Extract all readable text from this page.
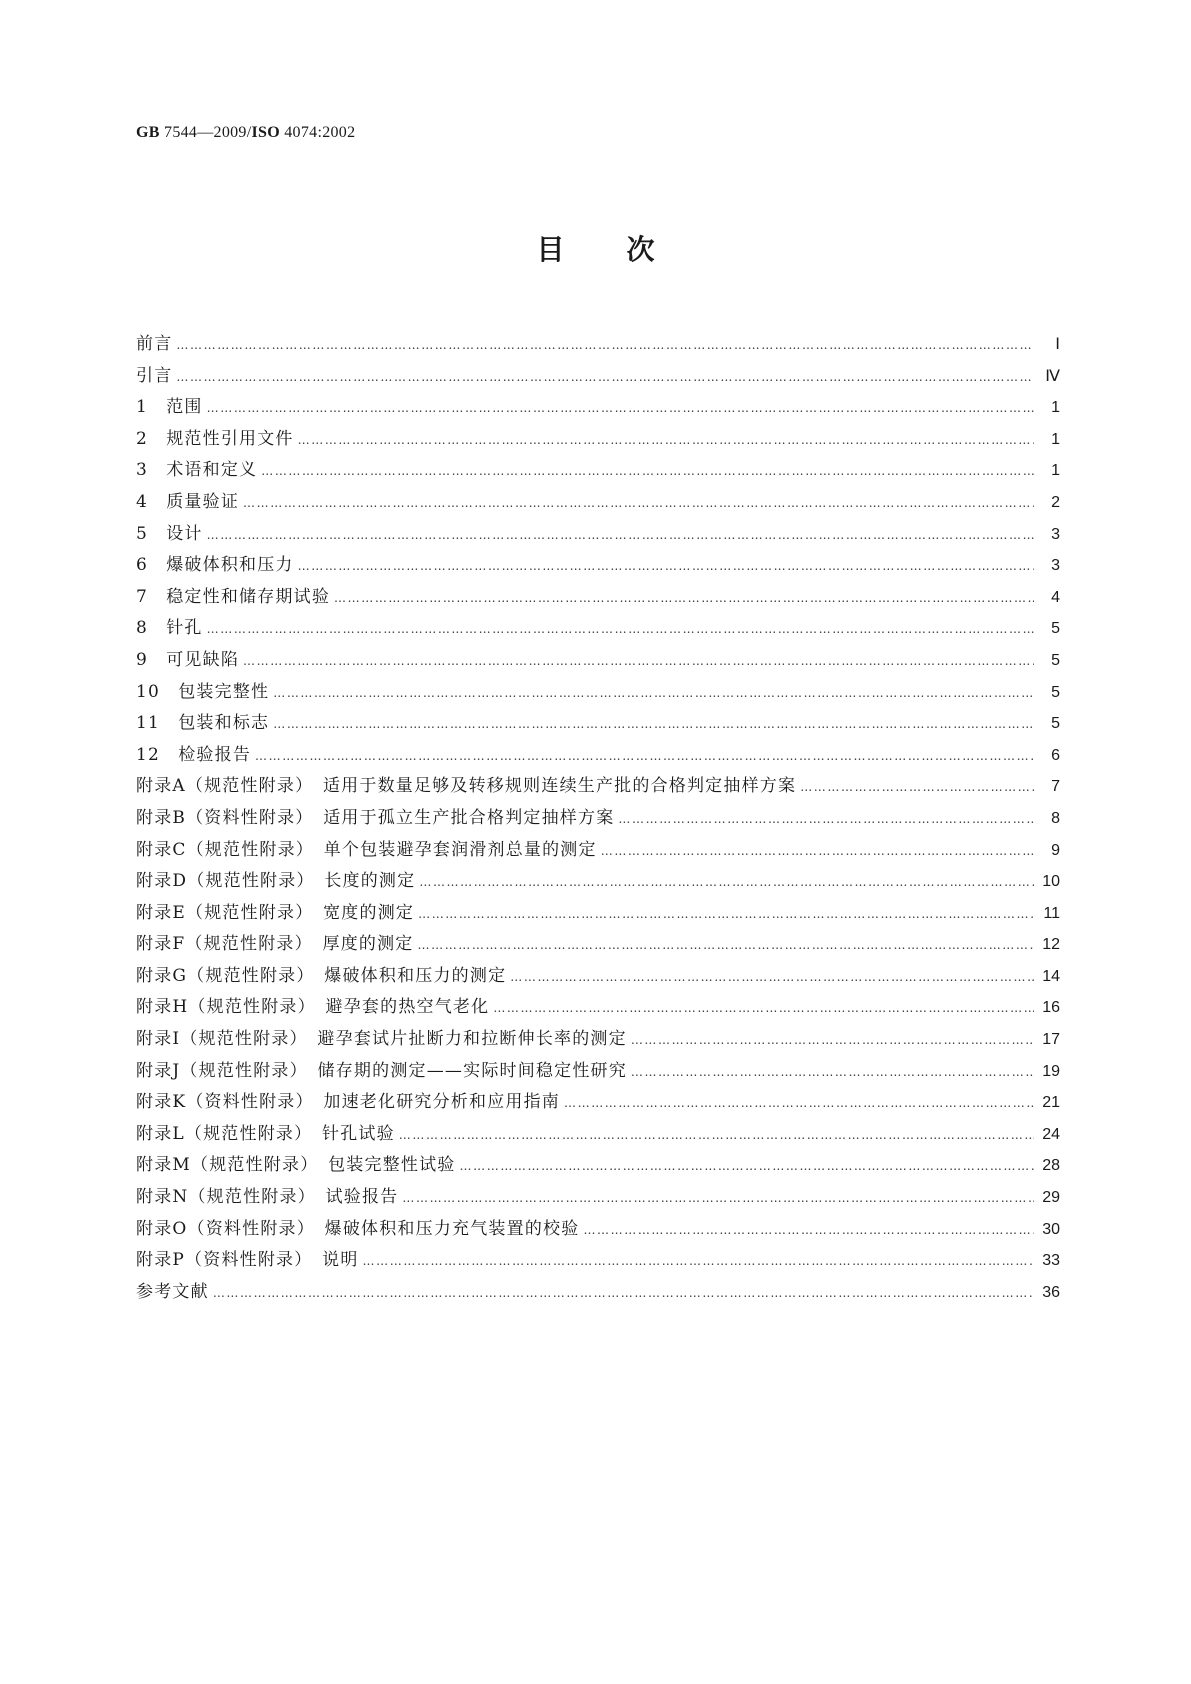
GB 7544—2009/ISO 4074:2002
目次
前言 …………………………………………………………………………………………………………………………………………………………………………………………………………………………	Ⅰ
引言 …………………………………………………………………………………………………………………………………………………………………………………………………………………………	Ⅳ
1　范围 …………………………………………………………………………………………………………………………………………………………………………………………………………………………	1
2　规范性引用文件 …………………………………………………………………………………………………………………………………………………………………………………………………………………………	1
3　术语和定义 …………………………………………………………………………………………………………………………………………………………………………………………………………………………	1
4　质量验证 …………………………………………………………………………………………………………………………………………………………………………………………………………………………	2
5　设计 …………………………………………………………………………………………………………………………………………………………………………………………………………………………	3
6　爆破体积和压力 …………………………………………………………………………………………………………………………………………………………………………………………………………………………	3
7　稳定性和储存期试验 …………………………………………………………………………………………………………………………………………………………………………………………………………………………	4
8　针孔 …………………………………………………………………………………………………………………………………………………………………………………………………………………………	5
9　可见缺陷 …………………………………………………………………………………………………………………………………………………………………………………………………………………………	5
10　包装完整性 …………………………………………………………………………………………………………………………………………………………………………………………………………………………	5
11　包装和标志 …………………………………………………………………………………………………………………………………………………………………………………………………………………………	5
12　检验报告 …………………………………………………………………………………………………………………………………………………………………………………………………………………………	6
附录A（规范性附录）　适用于数量足够及转移规则连续生产批的合格判定抽样方案 …………………………………………………………………………………………………………………………………………………………………………………………………………………………	7
附录B（资料性附录）　适用于孤立生产批合格判定抽样方案 …………………………………………………………………………………………………………………………………………………………………………………………………………………………	8
附录C（规范性附录）　单个包装避孕套润滑剂总量的测定 …………………………………………………………………………………………………………………………………………………………………………………………………………………………	9
附录D（规范性附录）　长度的测定 …………………………………………………………………………………………………………………………………………………………………………………………………………………………	10
附录E（规范性附录）　宽度的测定 …………………………………………………………………………………………………………………………………………………………………………………………………………………………	11
附录F（规范性附录）　厚度的测定 …………………………………………………………………………………………………………………………………………………………………………………………………………………………	12
附录G（规范性附录）　爆破体积和压力的测定 …………………………………………………………………………………………………………………………………………………………………………………………………………………………	14
附录H（规范性附录）　避孕套的热空气老化 …………………………………………………………………………………………………………………………………………………………………………………………………………………………	16
附录I（规范性附录）　避孕套试片扯断力和拉断伸长率的测定 …………………………………………………………………………………………………………………………………………………………………………………………………………………………	17
附录J（规范性附录）　储存期的测定——实际时间稳定性研究 …………………………………………………………………………………………………………………………………………………………………………………………………………………………	19
附录K（资料性附录）　加速老化研究分析和应用指南 …………………………………………………………………………………………………………………………………………………………………………………………………………………………	21
附录L（规范性附录）　针孔试验 …………………………………………………………………………………………………………………………………………………………………………………………………………………………	24
附录M（规范性附录）　包装完整性试验 …………………………………………………………………………………………………………………………………………………………………………………………………………………………	28
附录N（规范性附录）　试验报告 …………………………………………………………………………………………………………………………………………………………………………………………………………………………	29
附录O（资料性附录）　爆破体积和压力充气装置的校验 …………………………………………………………………………………………………………………………………………………………………………………………………………………………	30
附录P（资料性附录）　说明 …………………………………………………………………………………………………………………………………………………………………………………………………………………………	33
参考文献 …………………………………………………………………………………………………………………………………………………………………………………………………………………………	36
